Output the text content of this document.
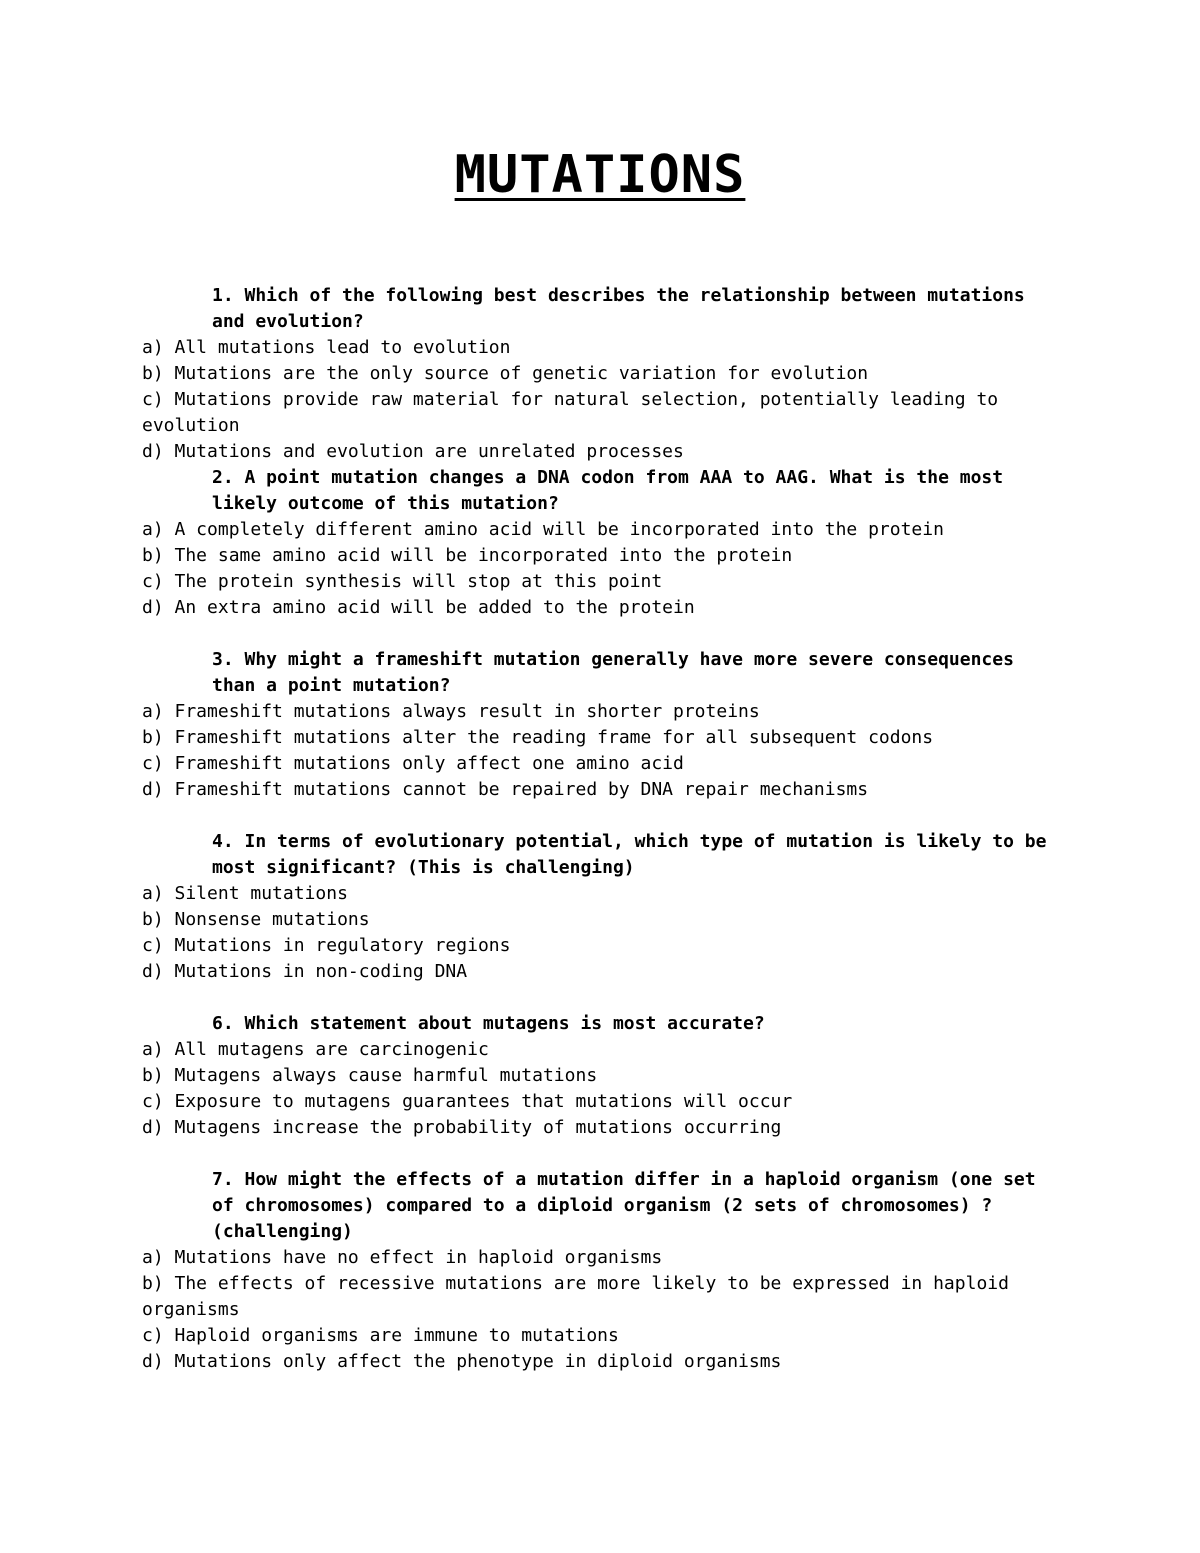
MUTATIONS

1. Which of the following best describes the relationship between mutations and evolution?

a) All mutations lead to evolution

b) Mutations are the only source of genetic variation for evolution

c) Mutations provide raw material for natural selection, potentially leading to evolution

d) Mutations and evolution are unrelated processes

2. A point mutation changes a DNA codon from AAA to AAG. What is the most likely outcome of this mutation?

a) A completely different amino acid will be incorporated into the protein

b) The same amino acid will be incorporated into the protein

c) The protein synthesis will stop at this point

d) An extra amino acid will be added to the protein

3. Why might a frameshift mutation generally have more severe consequences than a point mutation?

a) Frameshift mutations always result in shorter proteins

b) Frameshift mutations alter the reading frame for all subsequent codons

c) Frameshift mutations only affect one amino acid

d) Frameshift mutations cannot be repaired by DNA repair mechanisms

4. In terms of evolutionary potential, which type of mutation is likely to be most significant? (This is challenging)

a) Silent mutations

b) Nonsense mutations

c) Mutations in regulatory regions

d) Mutations in non-coding DNA

6. Which statement about mutagens is most accurate?

a) All mutagens are carcinogenic

b) Mutagens always cause harmful mutations

c) Exposure to mutagens guarantees that mutations will occur

d) Mutagens increase the probability of mutations occurring

7. How might the effects of a mutation differ in a haploid organism (one set of chromosomes) compared to a diploid organism (2 sets of chromosomes) ? (challenging)

a) Mutations have no effect in haploid organisms

b) The effects of recessive mutations are more likely to be expressed in haploid organisms

c) Haploid organisms are immune to mutations

d) Mutations only affect the phenotype in diploid organisms
